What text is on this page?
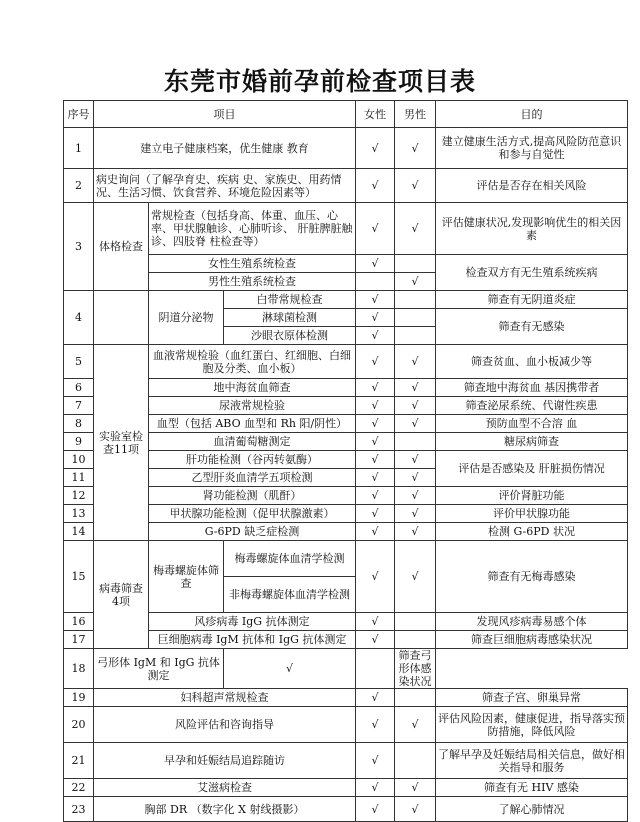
东莞市婚前孕前检查项目表
序号	项目			女性	男性	目的
1	建立电子健康档案，优生健康 教育			√	√	建立健康生活方式,提高风险防范意识和参与自觉性
2	病史询问（了解孕育史、疾病 史、家族史、用药情况、生活习惯、饮食营养、环境危险因素等）			√	√	评估是否存在相关风险
3	体格检查	常规检查（包括身高、体重、血压、心率、甲状腺触诊、心肺听诊、 肝脏脾脏触诊、四肢脊 柱检查等）		√	√	评估健康状况,发现影响优生的相关因素
		女性生殖系统检查		√		检查双方有无生殖系统疾病
		男性生殖系统检查			√	
4		阴道分泌物	白带常规检查	√		筛查有无阴道炎症
			淋球菌检测	√		筛查有无感染
			沙眼衣原体检测	√		
5	实验室检查11项	血液常规检验（血红蛋白、红细胞、白细胞及分类、血小板）		√	√	筛查贫血、血小板减少等
6		地中海贫血筛查		√	√	筛查地中海贫血 基因携带者
7		尿液常规检验		√	√	筛查泌尿系统、代谢性疾患
8		血型（包括 ABO 血型和 Rh 阳/阴性）		√	√	预防血型不合溶 血
9		血清葡萄糖测定		√		糖尿病筛查
10		肝功能检测（谷丙转氨酶）		√	√	评估是否感染及 肝脏损伤情况
11		乙型肝炎血清学五项检测		√	√	
12		肾功能检测（肌酐）		√	√	评价肾脏功能
13		甲状腺功能检测（促甲状腺激素）		√	√	评价甲状腺功能
14		G-6PD 缺乏症检测		√	√	检测 G-6PD 状况
15	病毒筛查4项	梅毒螺旋体筛查	梅毒螺旋体血清学检测	√	√	筛查有无梅毒感染
			非梅毒螺旋体血清学检测			
16		风疹病毒 IgG 抗体测定		√		发现风疹病毒易感个体
17		巨细胞病毒 IgM 抗体和 IgG 抗体测定		√		筛查巨细胞病毒感染状况
18	弓形体 IgM 和 IgG 抗体测定		√		筛查弓形体感染状况	
19	妇科超声常规检查			√		筛查子宫、卵巢异常
20	风险评估和咨询指导			√	√	评估风险因素，健康促进，指导落实预防措施，降低风险
21	早孕和妊娠结局追踪随访			√		了解早孕及妊娠结局相关信息，做好相关指导和服务
22	艾滋病检查			√	√	筛查有无 HIV 感染
23	胸部 DR （数字化 X 射线摄影）			√	√	了解心肺情况
